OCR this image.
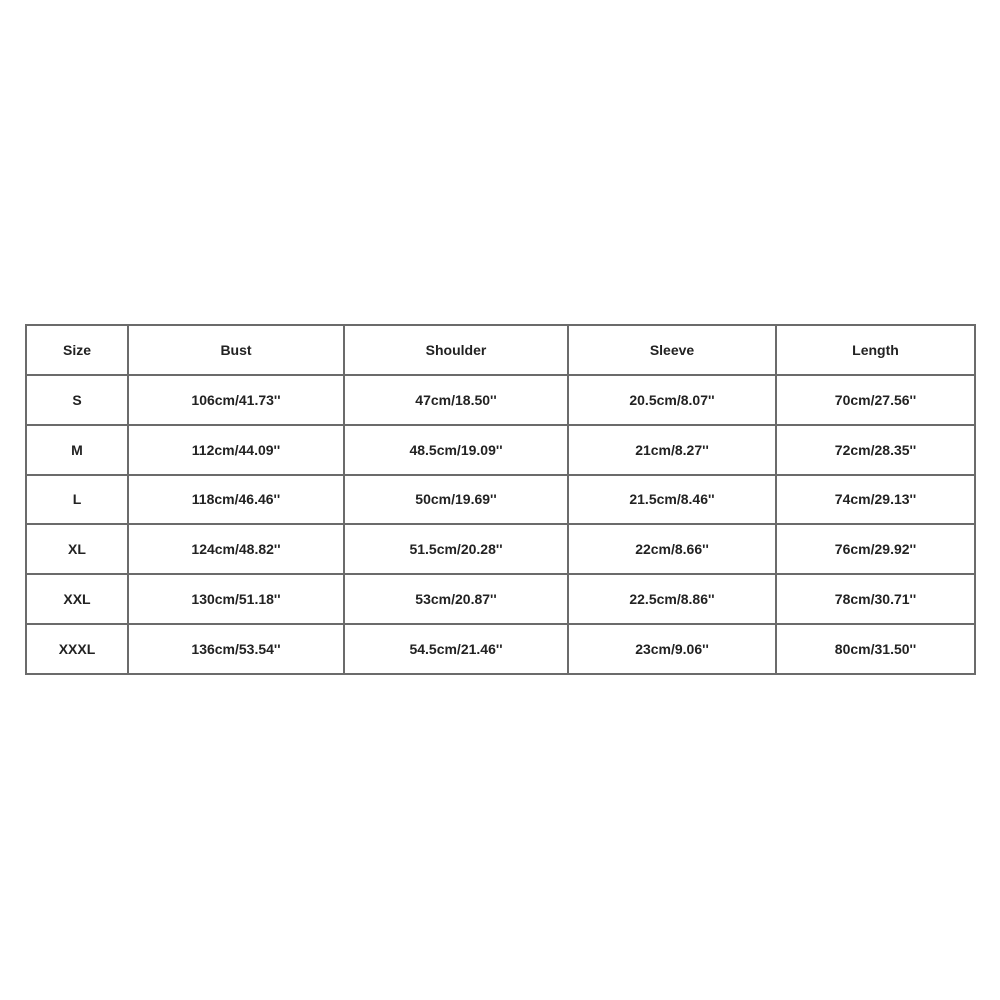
Size	Bust	Shoulder	Sleeve	Length
S	106cm/41.73''	47cm/18.50''	20.5cm/8.07''	70cm/27.56''
M	112cm/44.09''	48.5cm/19.09''	21cm/8.27''	72cm/28.35''
L	118cm/46.46''	50cm/19.69''	21.5cm/8.46''	74cm/29.13''
XL	124cm/48.82''	51.5cm/20.28''	22cm/8.66''	76cm/29.92''
XXL	130cm/51.18''	53cm/20.87''	22.5cm/8.86''	78cm/30.71''
XXXL	136cm/53.54''	54.5cm/21.46''	23cm/9.06''	80cm/31.50''
